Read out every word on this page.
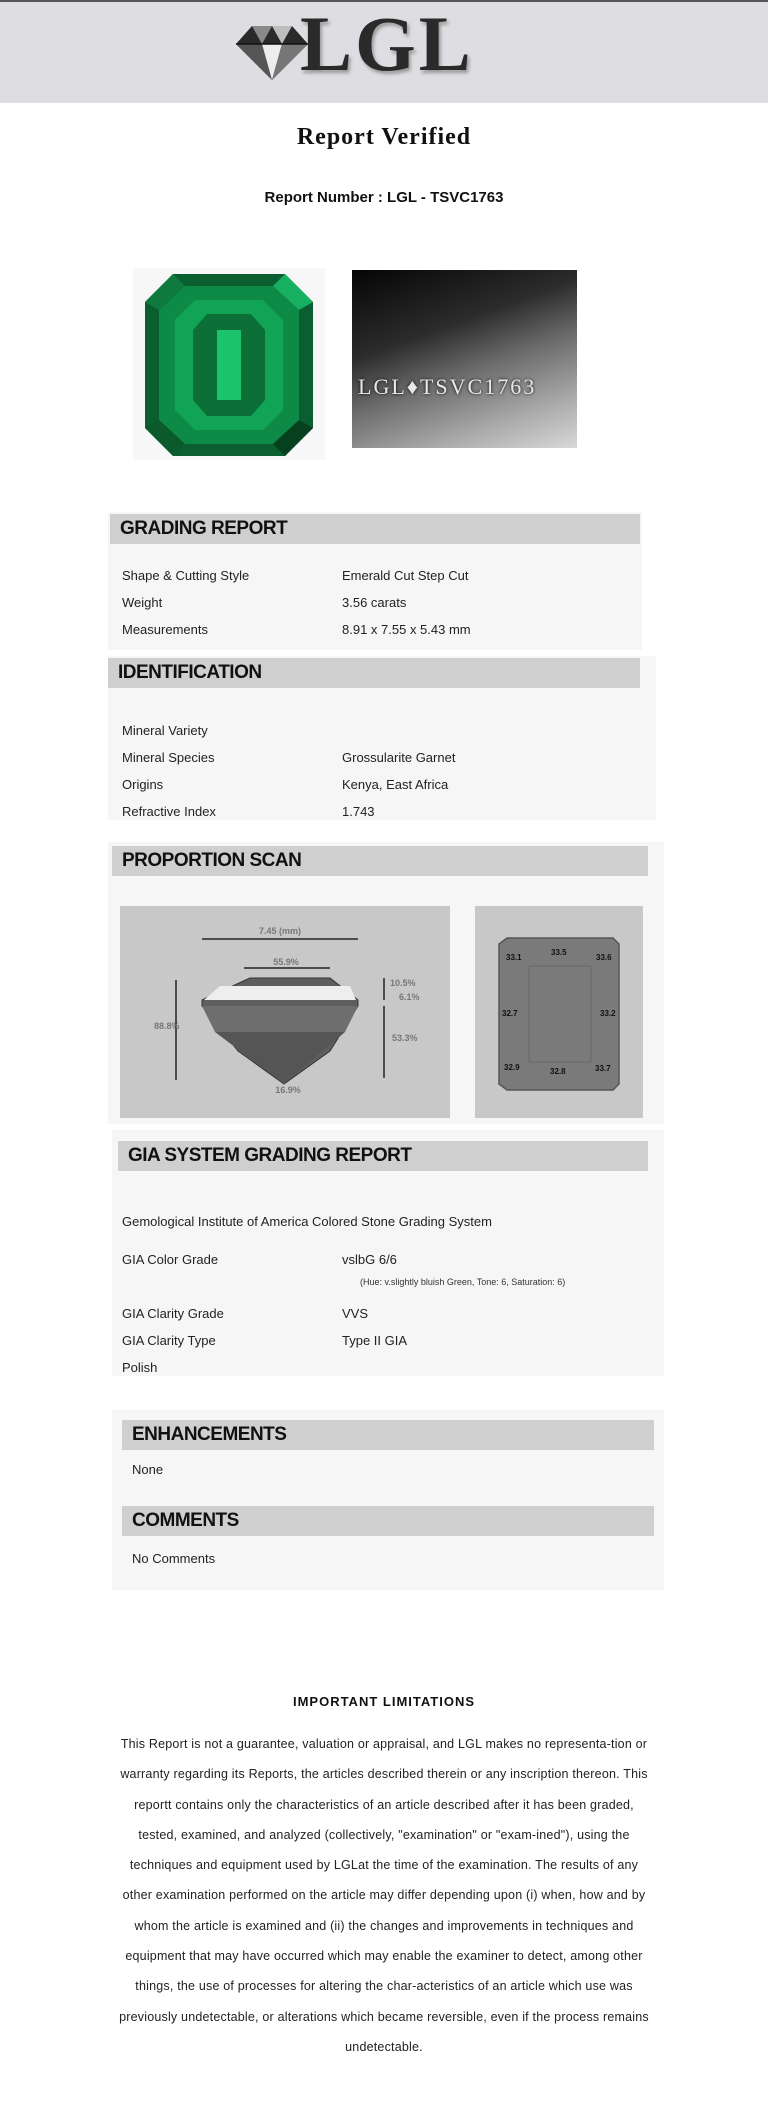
LGL
Report Verified
Report Number : LGL - TSVC1763
LGL♦TSVC1763
GRADING REPORT
Shape & Cutting Style	Emerald Cut Step Cut
Weight	3.56 carats
Measurements	8.91 x 7.55 x 5.43 mm
IDENTIFICATION
Mineral Variety
Mineral Species	Grossularite Garnet
Origins	Kenya, East Africa
Refractive Index	1.743
PROPORTION SCAN
7.45 (mm)
55.9%
10.5%
6.1%
88.8%
53.3%
16.9%
33.1
33.5
33.6
32.7	33.2
32.9	32.8	33.7
GIA SYSTEM GRADING REPORT
Gemological Institute of America Colored Stone Grading System
GIA Color Grade	vslbG 6/6
(Hue: v.slightly bluish Green, Tone: 6, Saturation: 6)
GIA Clarity Grade	VVS
GIA Clarity Type	Type II GIA
Polish
ENHANCEMENTS
None
COMMENTS
No Comments
IMPORTANT LIMITATIONS
This Report is not a guarantee, valuation or appraisal, and LGL makes no representa-tion or warranty regarding its Reports, the articles described therein or any inscription thereon. This reportt contains only the characteristics of an article described after it has been graded, tested, examined, and analyzed (collectively, "examination" or "exam-ined"), using the techniques and equipment used by LGLat the time of the examination. The results of any other examination performed on the article may differ depending upon (i) when, how and by whom the article is examined and (ii) the changes and improvements in techniques and equipment that may have occurred which may enable the examiner to detect, among other things, the use of processes for altering the char-acteristics of an article which use was previously undetectable, or alterations which became reversible, even if the process remains undetectable.
